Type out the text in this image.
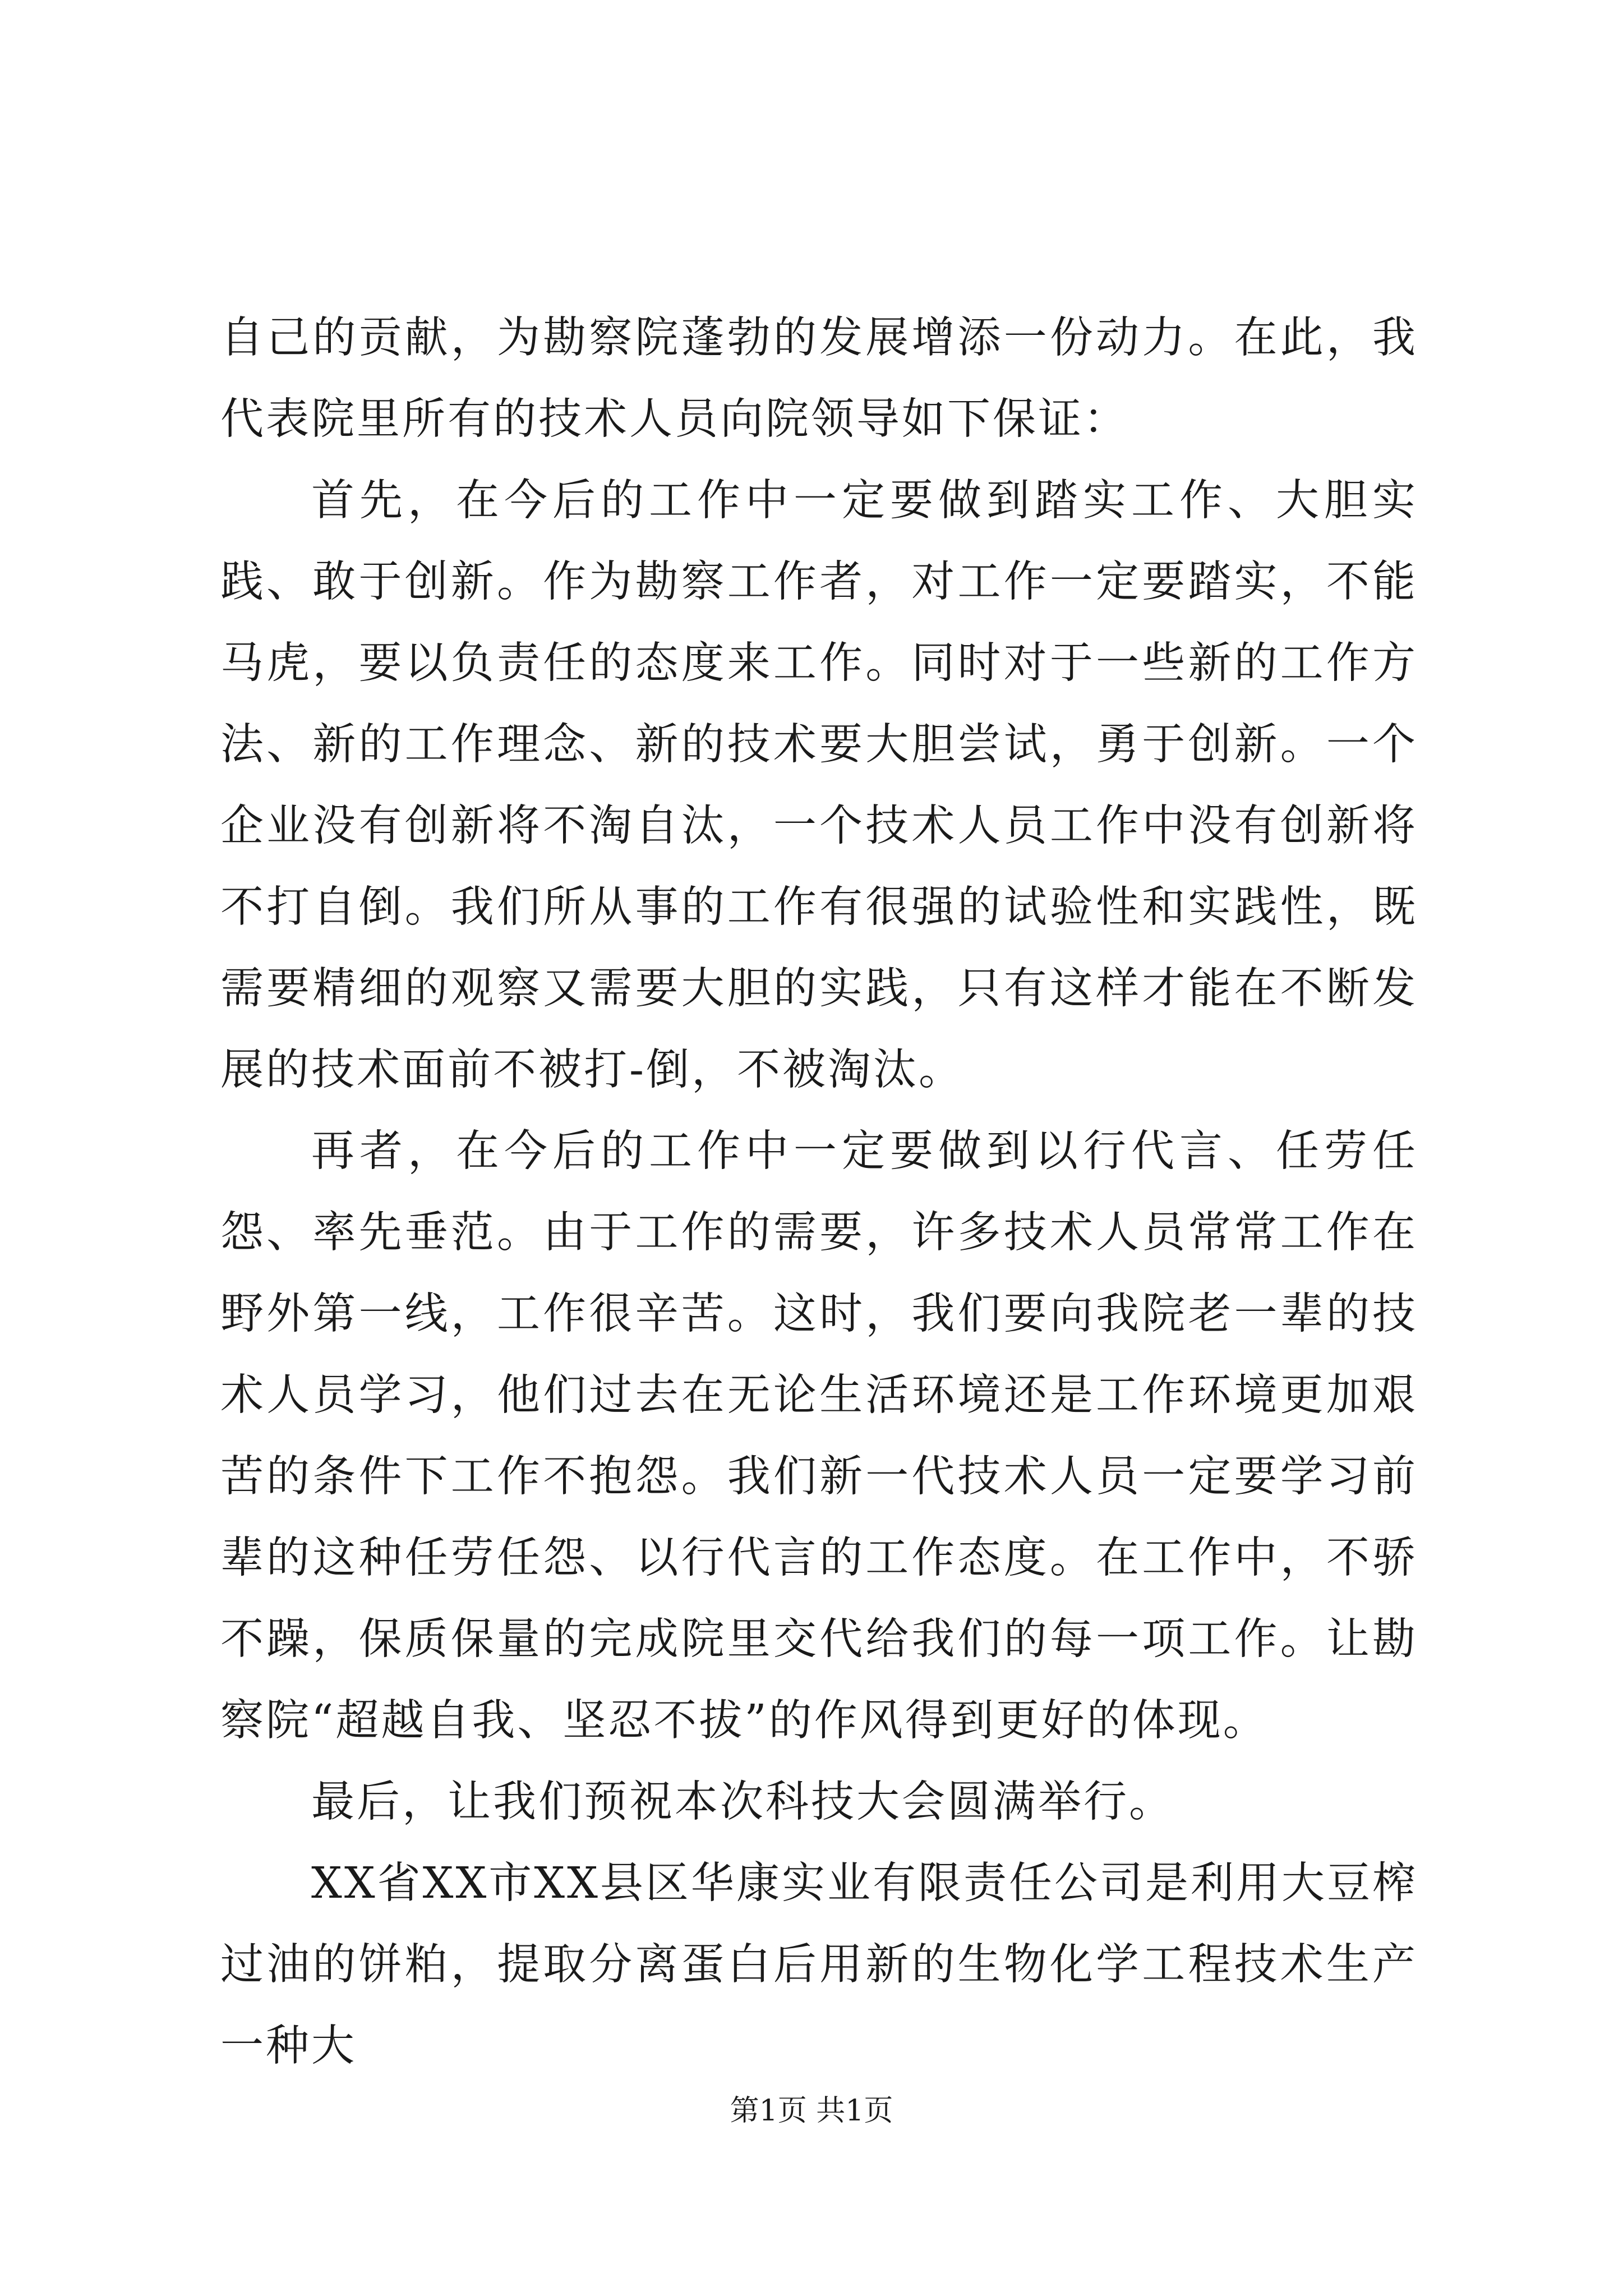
自己的贡献，为勘察院蓬勃的发展增添一份动力。在此，我代表院里所有的技术人员向院领导如下保证：

首先，在今后的工作中一定要做到踏实工作、大胆实践、敢于创新。作为勘察工作者，对工作一定要踏实，不能马虎，要以负责任的态度来工作。同时对于一些新的工作方法、新的工作理念、新的技术要大胆尝试，勇于创新。一个企业没有创新将不淘自汰，一个技术人员工作中没有创新将不打自倒。我们所从事的工作有很强的试验性和实践性，既需要精细的观察又需要大胆的实践，只有这样才能在不断发展的技术面前不被打-倒，不被淘汰。

再者，在今后的工作中一定要做到以行代言、任劳任怨、率先垂范。由于工作的需要，许多技术人员常常工作在野外第一线，工作很辛苦。这时，我们要向我院老一辈的技术人员学习，他们过去在无论生活环境还是工作环境更加艰苦的条件下工作不抱怨。我们新一代技术人员一定要学习前辈的这种任劳任怨、以行代言的工作态度。在工作中，不骄不躁，保质保量的完成院里交代给我们的每一项工作。让勘察院“超越自我、坚忍不拔”的作风得到更好的体现。

最后，让我们预祝本次科技大会圆满举行。

XX省XX市XX县区华康实业有限责任公司是利用大豆榨过油的饼粕，提取分离蛋白后用新的生物化学工程技术生产一种大

第1页 共1页
